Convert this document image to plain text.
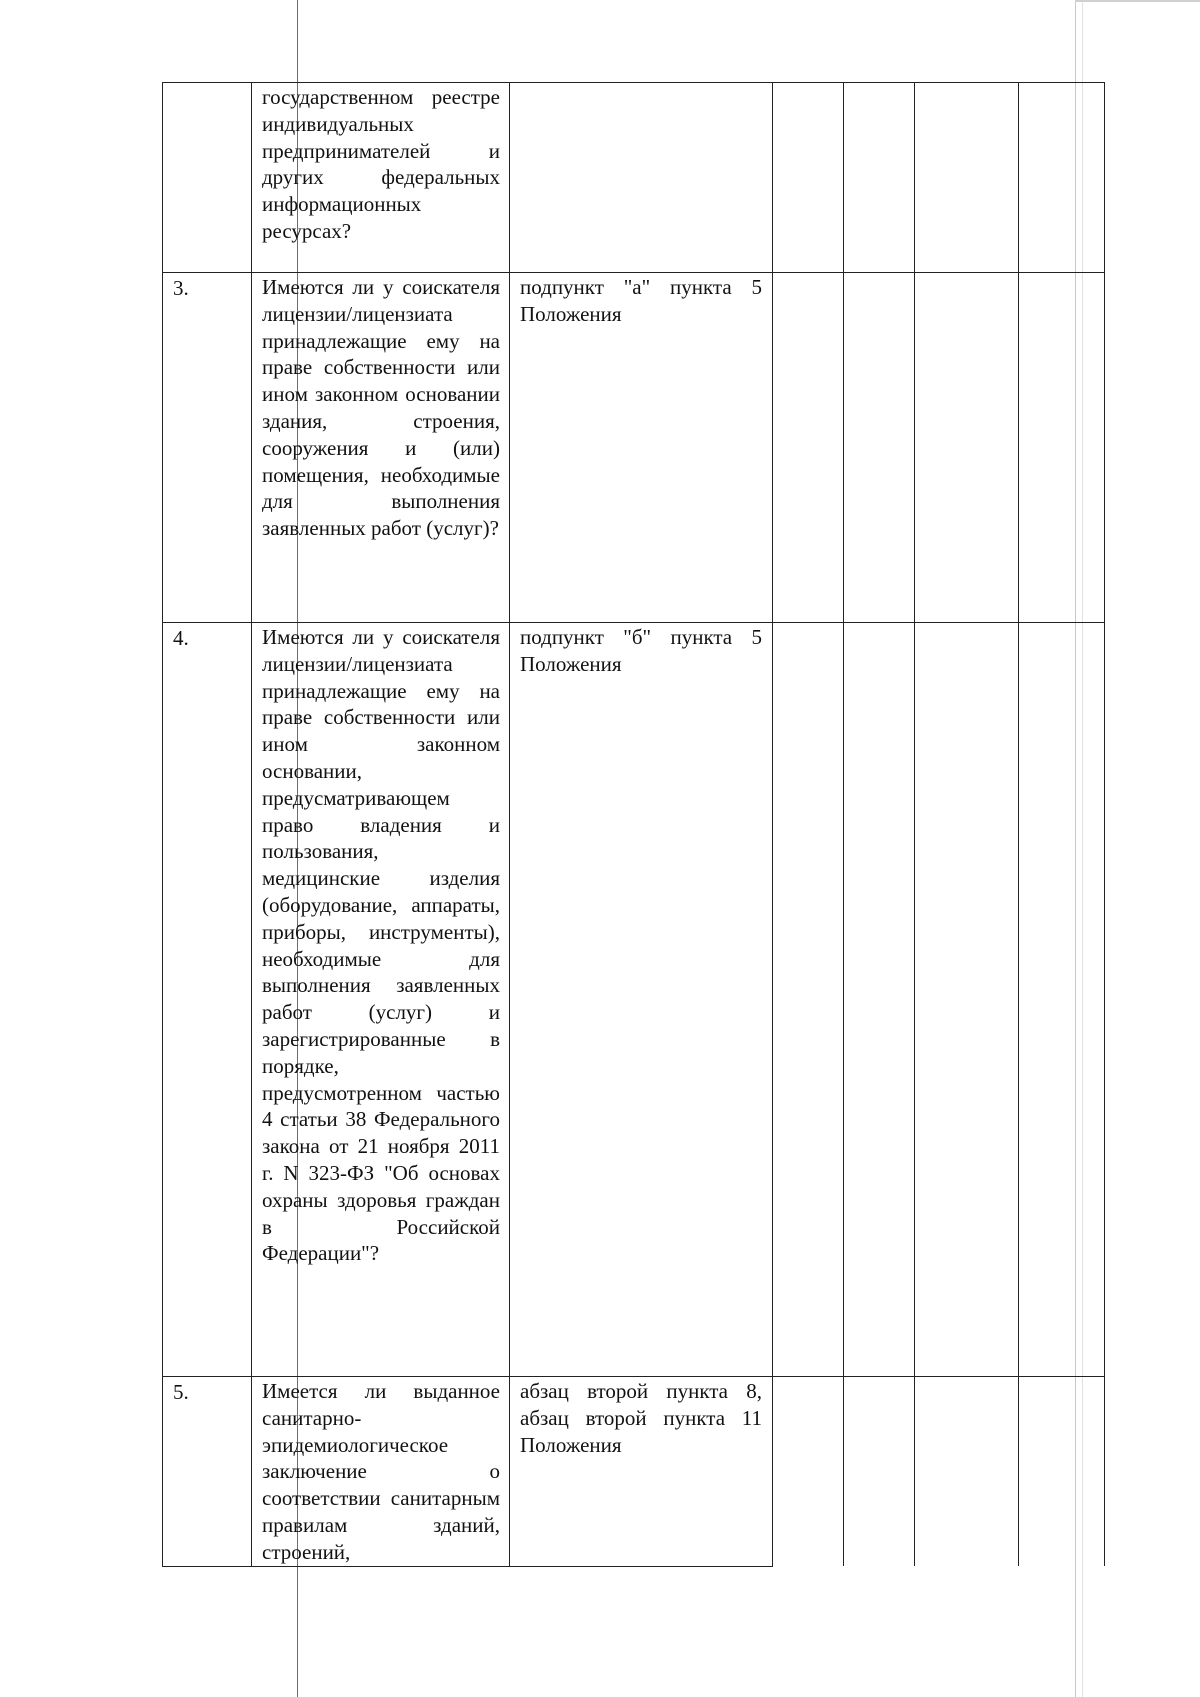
	государственном реестре индивидуальных предпринимателей и других федеральных информационных ресурсах?					

3.	Имеются ли у соискателя лицензии/лицензиата принадлежащие ему на праве собственности или ином законном основании здания, строения, сооружения и (или) помещения, необходимые для выполнения заявленных работ (услуг)?	подпункт "а" пункта 5 Положения				

4.	Имеются ли у соискателя лицензии/лицензиата принадлежащие ему на праве собственности или ином законном основании, предусматривающем право владения и пользования, медицинские изделия (оборудование, аппараты, приборы, инструменты), необходимые для выполнения заявленных работ (услуг) и зарегистрированные в порядке, предусмотренном частью 4 статьи 38 Федерального закона от 21 ноября 2011 г. N 323-ФЗ "Об основах охраны здоровья граждан в Российской Федерации"?	подпункт "б" пункта 5 Положения				

5.	Имеется ли выданное санитарно-эпидемиологическое заключение о соответствии санитарным правилам зданий, строений,	абзац второй пункта 8, абзац второй пункта 11 Положения				
